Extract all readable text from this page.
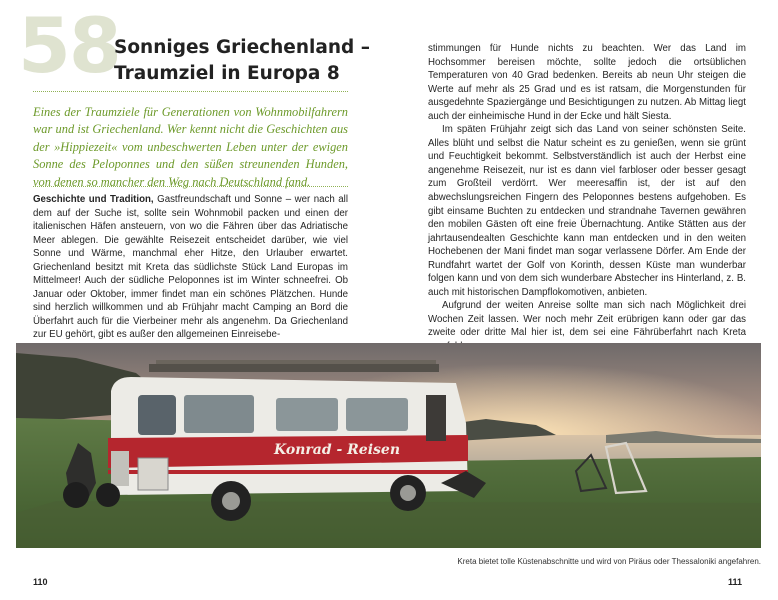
58
Sonniges Griechenland –
Traumziel in Europa 8
Eines der Traumziele für Generationen von Wohnmobilfahrern war und ist Griechenland. Wer kennt nicht die Geschichten aus der »Hippiezeit« vom unbeschwerten Leben unter der ewigen Sonne des Peloponnes und den süßen streunenden Hunden, von denen so mancher den Weg nach Deutschland fand.

Geschichte und Tradition, Gastfreundschaft und Sonne – wer nach all dem auf der Suche ist, sollte sein Wohnmobil packen und einen der italienischen Häfen ansteuern, von wo die Fähren über das Adriatische Meer ablegen. Die gewählte Reisezeit entscheidet darüber, wie viel Sonne und Wärme, manchmal eher Hitze, den Urlauber erwartet. Griechenland besitzt mit Kreta das südlichste Stück Land Europas im Mittelmeer! Auch der südliche Peloponnes ist im Winter schneefrei. Ob Januar oder Oktober, immer findet man ein schönes Plätzchen. Hunde sind herzlich willkommen und ab Frühjahr macht Camping an Bord die Überfahrt auch für die Vierbeiner mehr als angenehm. Da Griechenland zur EU gehört, gibt es außer den allgemeinen Einreisebe-

stimmungen für Hunde nichts zu beachten. Wer das Land im Hochsommer bereisen möchte, sollte jedoch die ortsüblichen Temperaturen von 40 Grad bedenken. Bereits ab neun Uhr steigen die Werte auf mehr als 25 Grad und es ist ratsam, die Morgenstunden für ausgedehnte Spaziergänge und Besichtigungen zu nutzen. Ab Mittag liegt auch der einheimische Hund in der Ecke und hält Siesta.

Im späten Frühjahr zeigt sich das Land von seiner schönsten Seite. Alles blüht und selbst die Natur scheint es zu genießen, wenn sie grünt und Feuchtigkeit bekommt. Selbstverständlich ist auch der Herbst eine angenehme Reisezeit, nur ist es dann viel farbloser oder besser gesagt zum Großteil verdörrt. Wer meeresaffin ist, der ist auf den abwechslungsreichen Fingern des Peloponnes bestens aufgehoben. Es gibt einsame Buchten zu entdecken und strandnahe Tavernen gewähren den mobilen Gästen oft eine freie Übernachtung. Antike Stätten aus der jahrtausendealten Geschichte kann man entdecken und in den weiten Hochebenen der Mani findet man sogar verlassene Dörfer. Am Ende der Rundfahrt wartet der Golf von Korinth, dessen Küste man wunderbar folgen kann und von dem sich wunderbare Abstecher ins Hinterland, z. B. auch mit historischen Dampflokomotiven, anbieten.

Aufgrund der weiten Anreise sollte man sich nach Möglichkeit drei Wochen Zeit lassen. Wer noch mehr Zeit erübrigen kann oder gar das zweite oder dritte Mal hier ist, dem sei eine Fährüberfahrt nach Kreta

Konrad - Reisen
Kreta bietet tolle Küstenabschnitte und wird von Piräus oder Thessaloniki angefahren.
110	111
